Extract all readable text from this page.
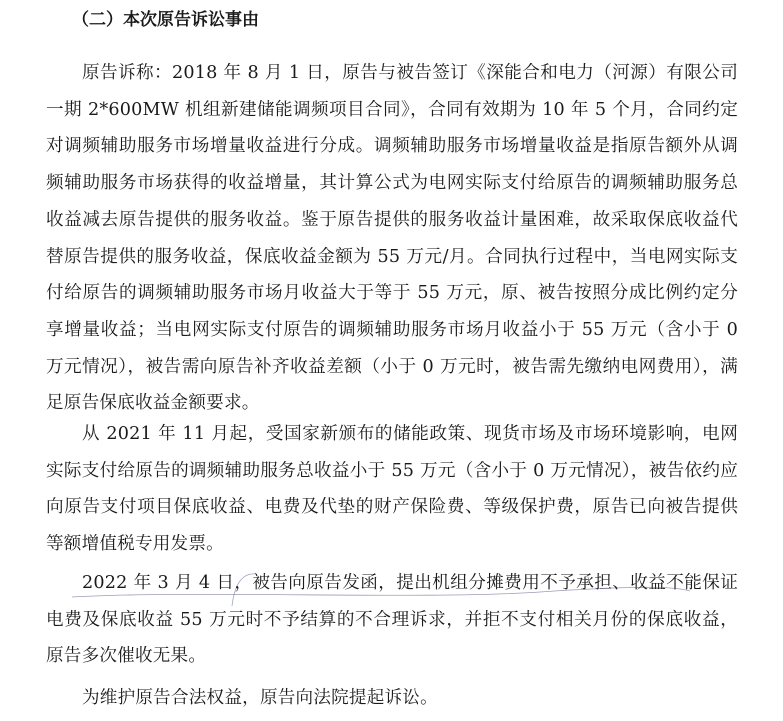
（二）本次原告诉讼事由

原告诉称：2018 年 8 月 1 日，原告与被告签订《深能合和电力（河源）有限公司一期 2*600MW 机组新建储能调频项目合同》，合同有效期为 10 年 5 个月，合同约定对调频辅助服务市场增量收益进行分成。调频辅助服务市场增量收益是指原告额外从调频辅助服务市场获得的收益增量，其计算公式为电网实际支付给原告的调频辅助服务总收益减去原告提供的服务收益。鉴于原告提供的服务收益计量困难，故采取保底收益代替原告提供的服务收益，保底收益金额为 55 万元/月。合同执行过程中，当电网实际支付给原告的调频辅助服务市场月收益大于等于 55 万元，原、被告按照分成比例约定分享增量收益；当电网实际支付原告的调频辅助服务市场月收益小于 55 万元（含小于 0 万元情况），被告需向原告补齐收益差额（小于 0 万元时，被告需先缴纳电网费用），满足原告保底收益金额要求。

从 2021 年 11 月起，受国家新颁布的储能政策、现货市场及市场环境影响，电网实际支付给原告的调频辅助服务总收益小于 55 万元（含小于 0 万元情况），被告依约应向原告支付项目保底收益、电费及代垫的财产保险费、等级保护费，原告已向被告提供等额增值税专用发票。

2022 年 3 月 4 日，被告向原告发函，提出机组分摊费用不予承担、收益不能保证电费及保底收益 55 万元时不予结算的不合理诉求，并拒不支付相关月份的保底收益，原告多次催收无果。

为维护原告合法权益，原告向法院提起诉讼。
